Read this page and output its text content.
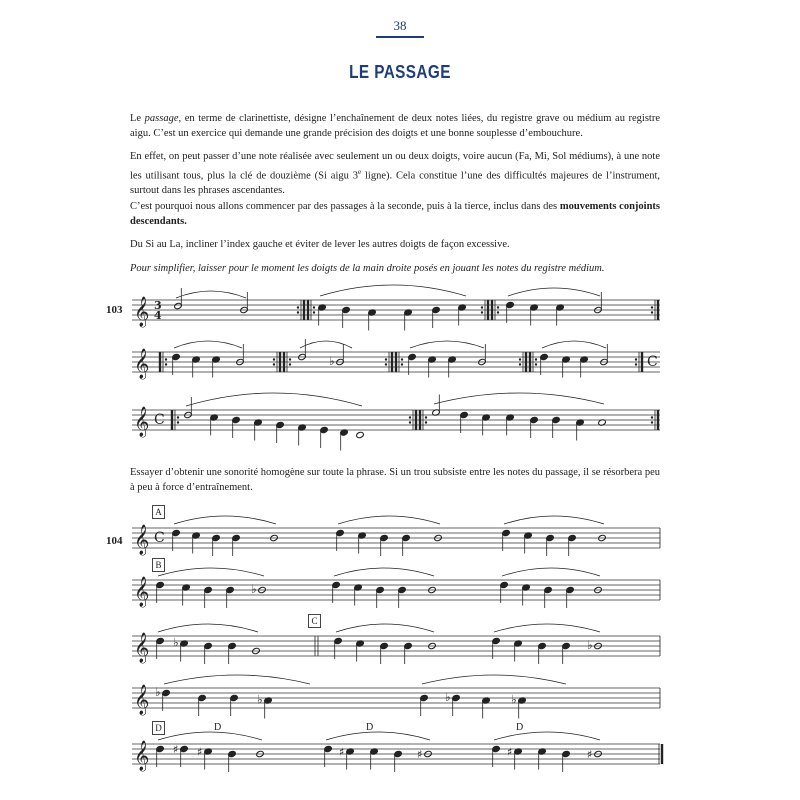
38
LE PASSAGE

Le passage, en terme de clarinettiste, désigne l’enchaînement de deux notes liées, du registre grave ou médium au registre aigu. C’est un exercice qui demande une grande précision des doigts et une bonne souplesse d’embouchure.

En effet, on peut passer d’une note réalisée avec seulement un ou deux doigts, voire aucun (Fa, Mi, Sol médiums), à une note les utilisant tous, plus la clé de douzième (Si aigu 3e ligne). Cela constitue l’une des difficultés majeures de l’instrument, surtout dans les phrases ascendantes.

C’est pourquoi nous allons commencer par des passages à la seconde, puis à la tierce, inclus dans des mouvements conjoints descendants.

Du Si au La, incliner l’index gauche et éviter de lever les autres doigts de façon excessive.

Pour simplifier, laisser pour le moment les doigts de la main droite posés en jouant les notes du registre médium.

Essayer d’obtenir une sonorité homogène sur toute la phrase. Si un trou subsiste entre les notes du passage, il se résorbera peu à peu à force d’entraînement.

103
104
A
B
C
D	D	D	D
𝄞 3
4
𝄞	♭	C
𝄞 C
𝄞 C
𝄞	♭
𝄞 ♭	♭
𝄞 ♭
♭	♭	♭
𝄞 ♯ ♯	♯	♯	♯	♯
